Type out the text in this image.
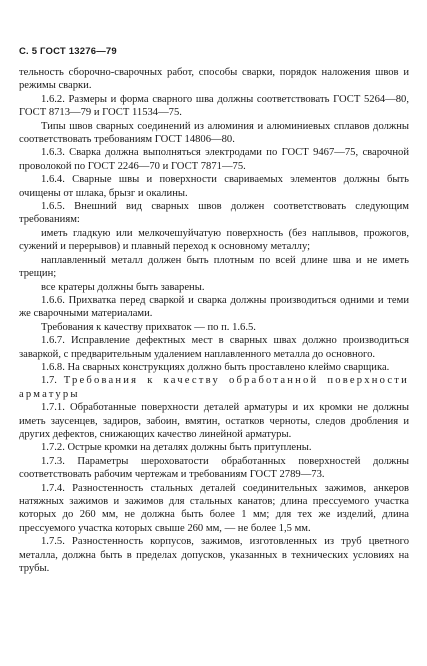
С. 5 ГОСТ 13276—79

тельность сборочно-сварочных работ, способы сварки, порядок наложения швов и режимы сварки.

1.6.2. Размеры и форма сварного шва должны соответствовать ГОСТ 5264—80, ГОСТ 8713—79 и ГОСТ 11534—75.

Типы швов сварных соединений из алюминия и алюминиевых сплавов должны соответствовать требованиям ГОСТ 14806—80.

1.6.3. Сварка должна выполняться электродами по ГОСТ 9467—75, сварочной проволокой по ГОСТ 2246—70 и ГОСТ 7871—75.

1.6.4. Сварные швы и поверхности свариваемых элементов должны быть очищены от шлака, брызг и окалины.

1.6.5. Внешний вид сварных швов должен соответствовать следующим требованиям:

иметь гладкую или мелкочешуйчатую поверхность (без наплывов, прожогов, сужений и перерывов) и плавный переход к основному металлу;

наплавленный металл должен быть плотным по всей длине шва и не иметь трещин;

все кратеры должны быть заварены.

1.6.6. Прихватка перед сваркой и сварка должны производиться одними и теми же сварочными материалами.

Требования к качеству прихваток — по п. 1.6.5.

1.6.7. Исправление дефектных мест в сварных швах должно производиться заваркой, с предварительным удалением наплавленного металла до основного.

1.6.8. На сварных конструкциях должно быть проставлено клеймо сварщика.

1.7. Требования к качеству обработанной поверхности арматуры

1.7.1. Обработанные поверхности деталей арматуры и их кромки не должны иметь заусенцев, задиров, забоин, вмятин, остатков черноты, следов дробления и других дефектов, снижающих качество линейной арматуры.

1.7.2. Острые кромки на деталях должны быть притуплены.

1.7.3. Параметры шероховатости обработанных поверхностей должны соответствовать рабочим чертежам и требованиям ГОСТ 2789—73.

1.7.4. Разностенность стальных деталей соединительных зажимов, анкеров натяжных зажимов и зажимов для стальных канатов; длина прессуемого участка которых до 260 мм, не должна быть более 1 мм; для тех же изделий, длина прессуемого участка которых свыше 260 мм, — не более 1,5 мм.

1.7.5. Разностенность корпусов, зажимов, изготовленных из труб цветного металла, должна быть в пределах допусков, указанных в технических условиях на трубы.
